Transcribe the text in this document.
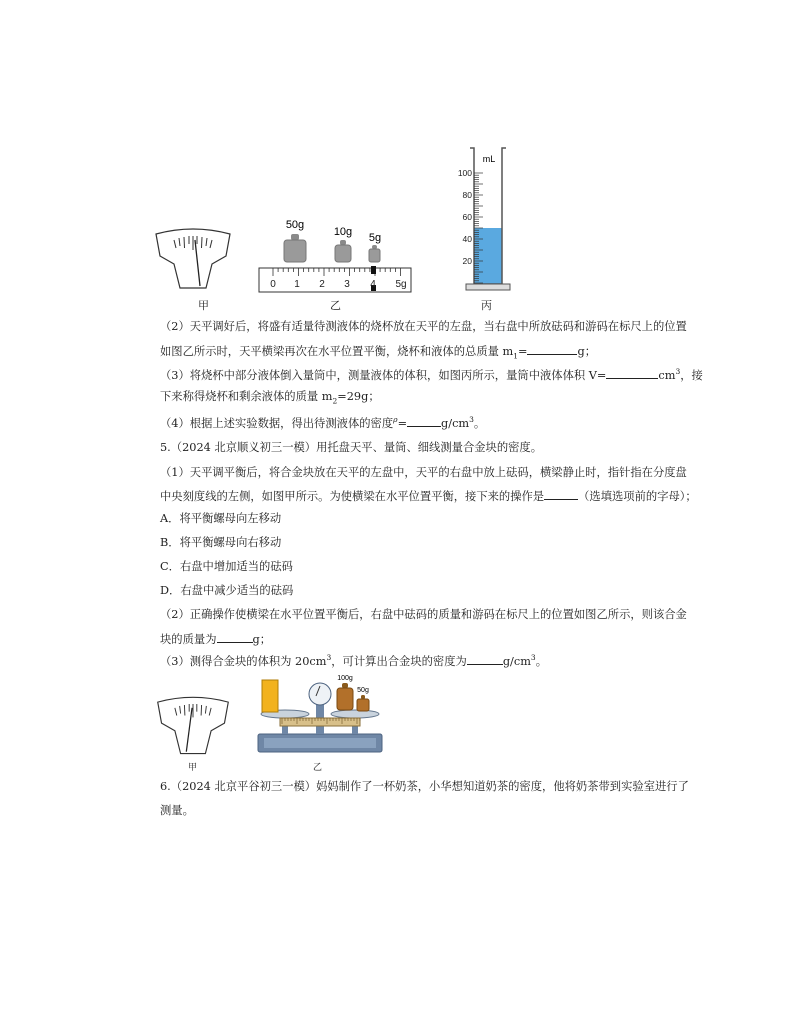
甲
50g
10g 5g
0 1 2 3 4 5g
乙
mL
100
80
60
40
20
丙
（2）天平调好后，将盛有适量待测液体的烧杯放在天平的左盘，当右盘中所放砝码和游码在标尺上的位置
如图乙所示时，天平横梁再次在水平位置平衡，烧杯和液体的总质量 $m_1=$	g；
（3）将烧杯中部分液体倒入量筒中，测量液体的体积，如图丙所示，量筒中液体体积 V=	$cm^3$，接
下来称得烧杯和剩余液体的质量 $m_2=29g$；
（4）根据上述实验数据，得出待测液体的密度$^\rho$=	$g/cm^3$。
5.（2024 北京顺义初三一模）用托盘天平、量筒、细线测量合金块的密度。
（1）天平调平衡后，将合金块放在天平的左盘中，天平的右盘中放上砝码，横梁静止时，指针指在分度盘
中央刻度线的左侧，如图甲所示。为使横梁在水平位置平衡，接下来的操作是	（选填选项前的字母）；
A．将平衡螺母向左移动
B．将平衡螺母向右移动
C．右盘中增加适当的砝码
D．右盘中减少适当的砝码
（2）正确操作使横梁在水平位置平衡后，右盘中砝码的质量和游码在标尺上的位置如图乙所示，则该合金
块的质量为	g；
（3）测得合金块的体积为 $20cm^3$，可计算出合金块的密度为	$g/cm^3$。
甲
100g
50g
乙
6.（2024 北京平谷初三一模）妈妈制作了一杯奶茶，小华想知道奶茶的密度，他将奶茶带到实验室进行了
测量。
